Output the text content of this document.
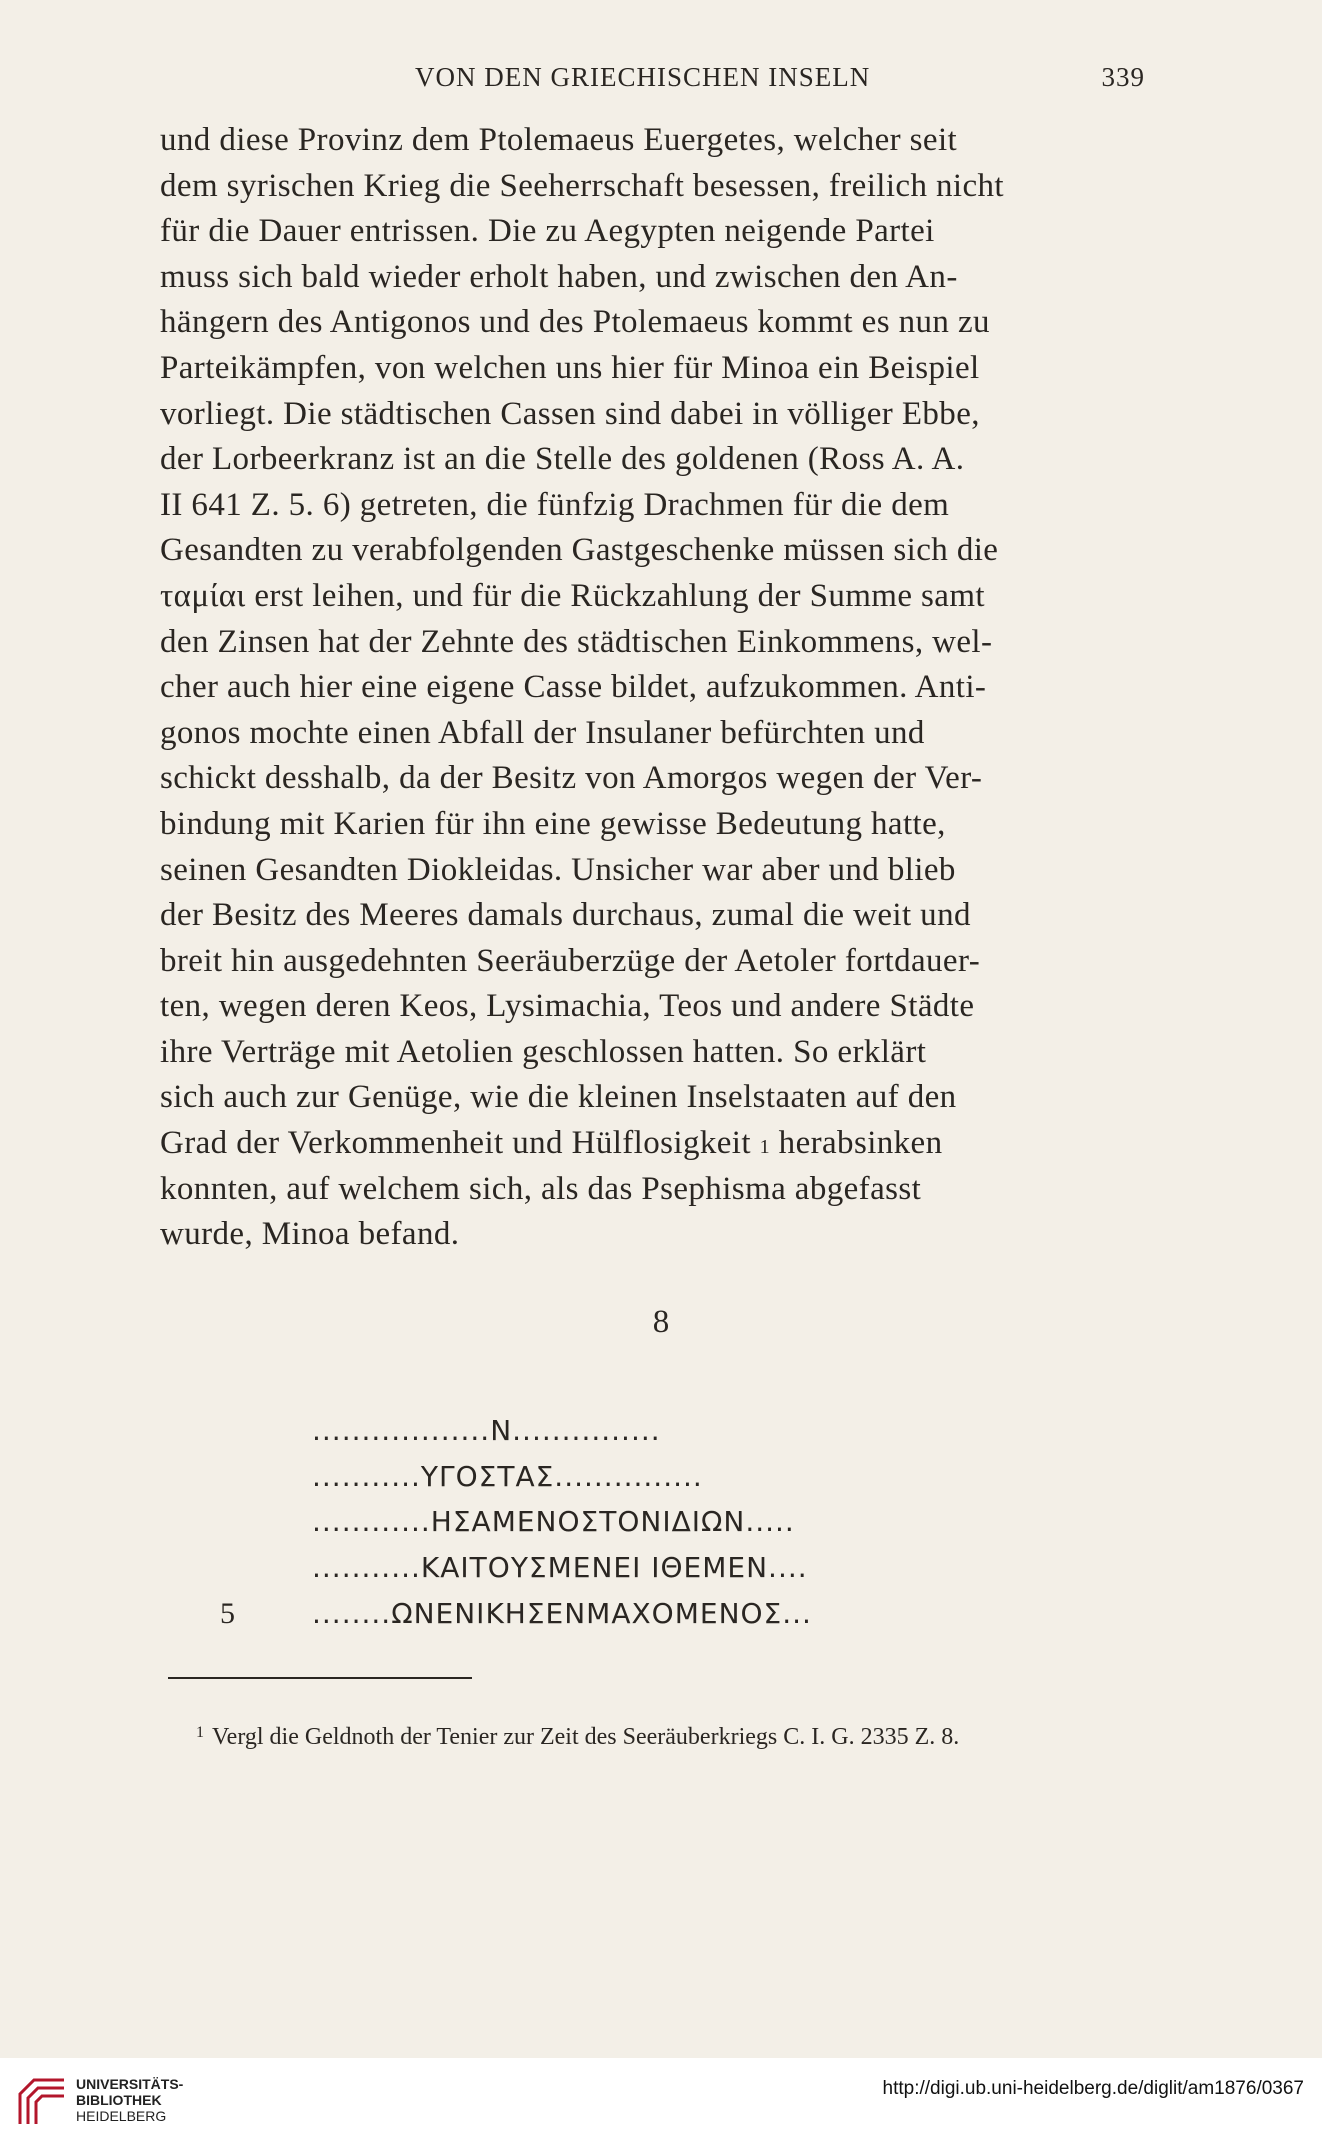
VON DEN GRIECHISCHEN INSELN	339
und diese Provinz dem Ptolemaeus Euergetes, welcher seit
dem syrischen Krieg die Seeherrschaft besessen, freilich nicht
für die Dauer entrissen. Die zu Aegypten neigende Partei
muss sich bald wieder erholt haben, und zwischen den An-
hängern des Antigonos und des Ptolemaeus kommt es nun zu
Parteikämpfen, von welchen uns hier für Minoa ein Beispiel
vorliegt. Die städtischen Cassen sind dabei in völliger Ebbe,
der Lorbeerkranz ist an die Stelle des goldenen (Ross A. A.
II 641 Z. 5. 6) getreten, die fünfzig Drachmen für die dem
Gesandten zu verabfolgenden Gastgeschenke müssen sich die
ταμίαι erst leihen, und für die Rückzahlung der Summe samt
den Zinsen hat der Zehnte des städtischen Einkommens, wel-
cher auch hier eine eigene Casse bildet, aufzukommen. Anti-
gonos mochte einen Abfall der Insulaner befürchten und
schickt desshalb, da der Besitz von Amorgos wegen der Ver-
bindung mit Karien für ihn eine gewisse Bedeutung hatte,
seinen Gesandten Diokleidas. Unsicher war aber und blieb
der Besitz des Meeres damals durchaus, zumal die weit und
breit hin ausgedehnten Seeräuberzüge der Aetoler fortdauer-
ten, wegen deren Keos, Lysimachia, Teos und andere Städte
ihre Verträge mit Aetolien geschlossen hatten. So erklärt
sich auch zur Genüge, wie die kleinen Inselstaaten auf den
Grad der Verkommenheit und Hülflosigkeit $^1$ herabsinken
konnten, auf welchem sich, als das Psephisma abgefasst
wurde, Minoa befand.
8
..................N...............
...........ΥΓΟΣΤΑΣ...............
............ΗΣΑΜΕΝΟΣΤΟΝΙΔΙΩΝ.....
...........ΚΑΙΤΟΥΣΜΕΝΕΙ ΙΘΕΜΕΝ....
5	........ΩΝΕΝΙΚΗΣΕΝΜΑΧΟΜΕΝΟΣ...
$^1$ Vergl die Geldnoth der Tenier zur Zeit des Seeräuberkriegs C. I. G. 2335 Z. 8.
UNIVERSITÄTS-
BIBLIOTHEK
HEIDELBERG
http://digi.ub.uni-heidelberg.de/diglit/am1876/0367
